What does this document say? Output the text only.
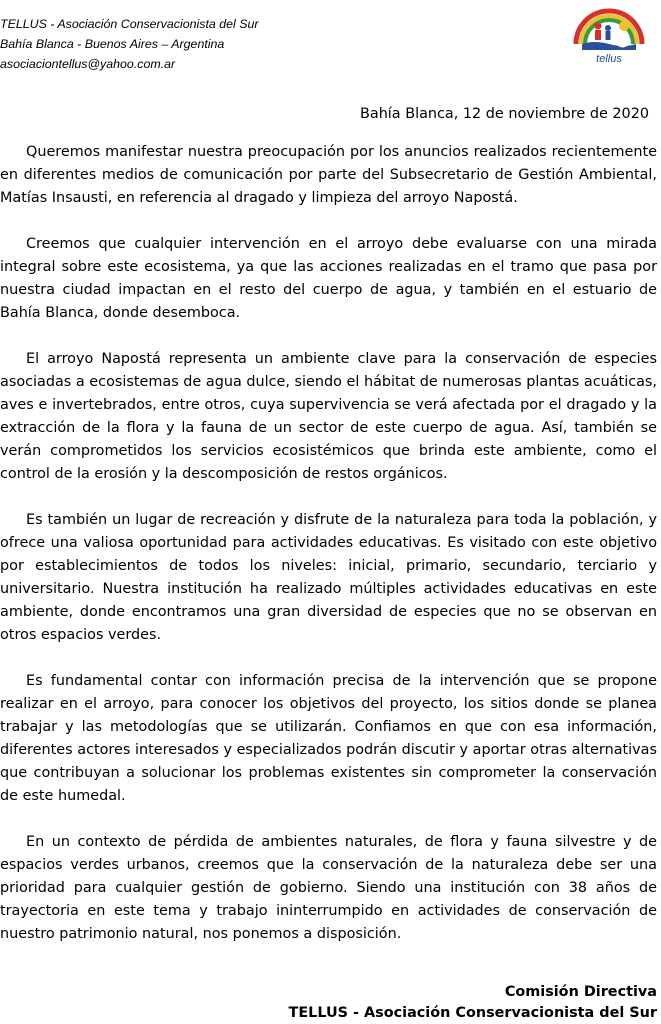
TELLUS - Asociación Conservacionista del Sur
Bahía Blanca - Buenos Aires – Argentina
asociaciontellus@yahoo.com.ar	tellus
Bahía Blanca, 12 de noviembre de 2020

Queremos manifestar nuestra preocupación por los anuncios realizados recientemente en diferentes medios de comunicación por parte del Subsecretario de Gestión Ambiental, Matías Insausti, en referencia al dragado y limpieza del arroyo Napostá.

Creemos que cualquier intervención en el arroyo debe evaluarse con una mirada integral sobre este ecosistema, ya que las acciones realizadas en el tramo que pasa por nuestra ciudad impactan en el resto del cuerpo de agua, y también en el estuario de Bahía Blanca, donde desemboca.

El arroyo Napostá representa un ambiente clave para la conservación de especies asociadas a ecosistemas de agua dulce, siendo el hábitat de numerosas plantas acuáticas, aves e invertebrados, entre otros, cuya supervivencia se verá afectada por el dragado y la extracción de la flora y la fauna de un sector de este cuerpo de agua. Así, también se verán comprometidos los servicios ecosistémicos que brinda este ambiente, como el control de la erosión y la descomposición de restos orgánicos.

Es también un lugar de recreación y disfrute de la naturaleza para toda la población, y ofrece una valiosa oportunidad para actividades educativas. Es visitado con este objetivo por establecimientos de todos los niveles: inicial, primario, secundario, terciario y universitario. Nuestra institución ha realizado múltiples actividades educativas en este ambiente, donde encontramos una gran diversidad de especies que no se observan en otros espacios verdes.

Es fundamental contar con información precisa de la intervención que se propone realizar en el arroyo, para conocer los objetivos del proyecto, los sitios donde se planea trabajar y las metodologías que se utilizarán. Confiamos en que con esa información, diferentes actores interesados y especializados podrán discutir y aportar otras alternativas que contribuyan a solucionar los problemas existentes sin comprometer la conservación de este humedal.

En un contexto de pérdida de ambientes naturales, de flora y fauna silvestre y de espacios verdes urbanos, creemos que la conservación de la naturaleza debe ser una prioridad para cualquier gestión de gobierno. Siendo una institución con 38 años de trayectoria en este tema y trabajo ininterrumpido en actividades de conservación de nuestro patrimonio natural, nos ponemos a disposición.

Comisión Directiva
TELLUS - Asociación Conservacionista del Sur
